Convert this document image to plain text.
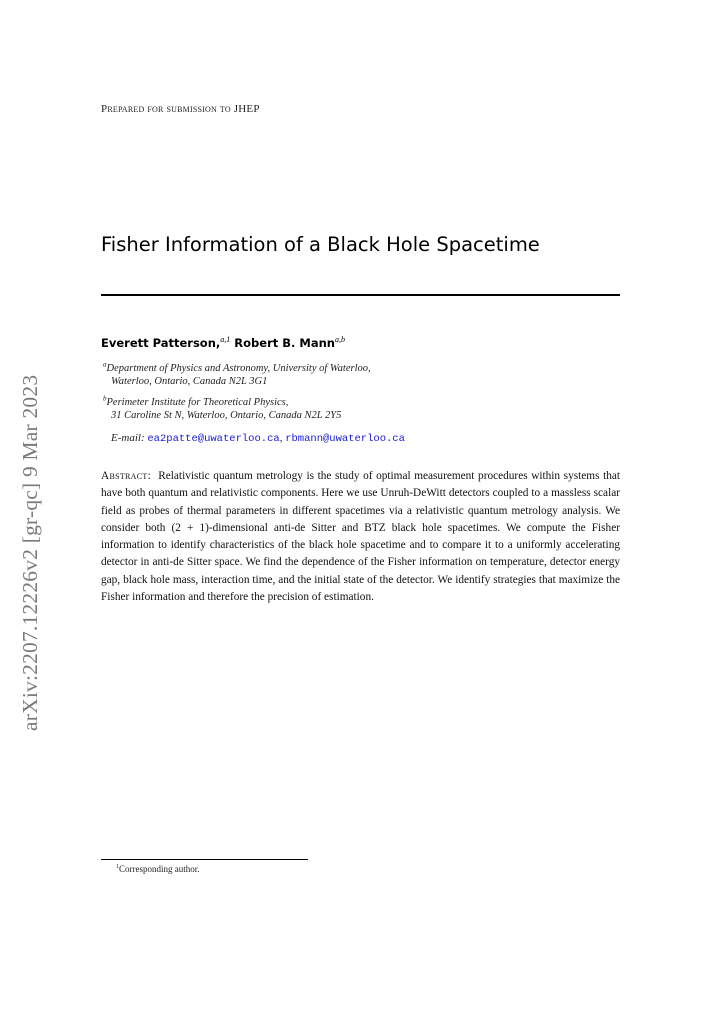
Prepared for submission to JHEP
Fisher Information of a Black Hole Spacetime
Everett Patterson,$^{a,1}$ Robert B. Mann$^{a,b}$
$^a$Department of Physics and Astronomy, University of Waterloo,
Waterloo, Ontario, Canada N2L 3G1
$^b$Perimeter Institute for Theoretical Physics,
31 Caroline St N, Waterloo, Ontario, Canada N2L 2Y5
E-mail: ea2patte@uwaterloo.ca, rbmann@uwaterloo.ca
Abstract: Relativistic quantum metrology is the study of optimal measurement procedures within systems that have both quantum and relativistic components. Here we use Unruh-DeWitt detectors coupled to a massless scalar field as probes of thermal parameters in different spacetimes via a relativistic quantum metrology analysis. We consider both (2 + 1)-dimensional anti-de Sitter and BTZ black hole spacetimes. We compute the Fisher information to identify characteristics of the black hole spacetime and to compare it to a uniformly accelerating detector in anti-de Sitter space. We find the dependence of the Fisher information on temperature, detector energy gap, black hole mass, interaction time, and the initial state of the detector. We identify strategies that maximize the Fisher information and therefore the precision of estimation.
arXiv:2207.12226v2 [gr-qc] 9 Mar 2023
$^1$Corresponding author.
